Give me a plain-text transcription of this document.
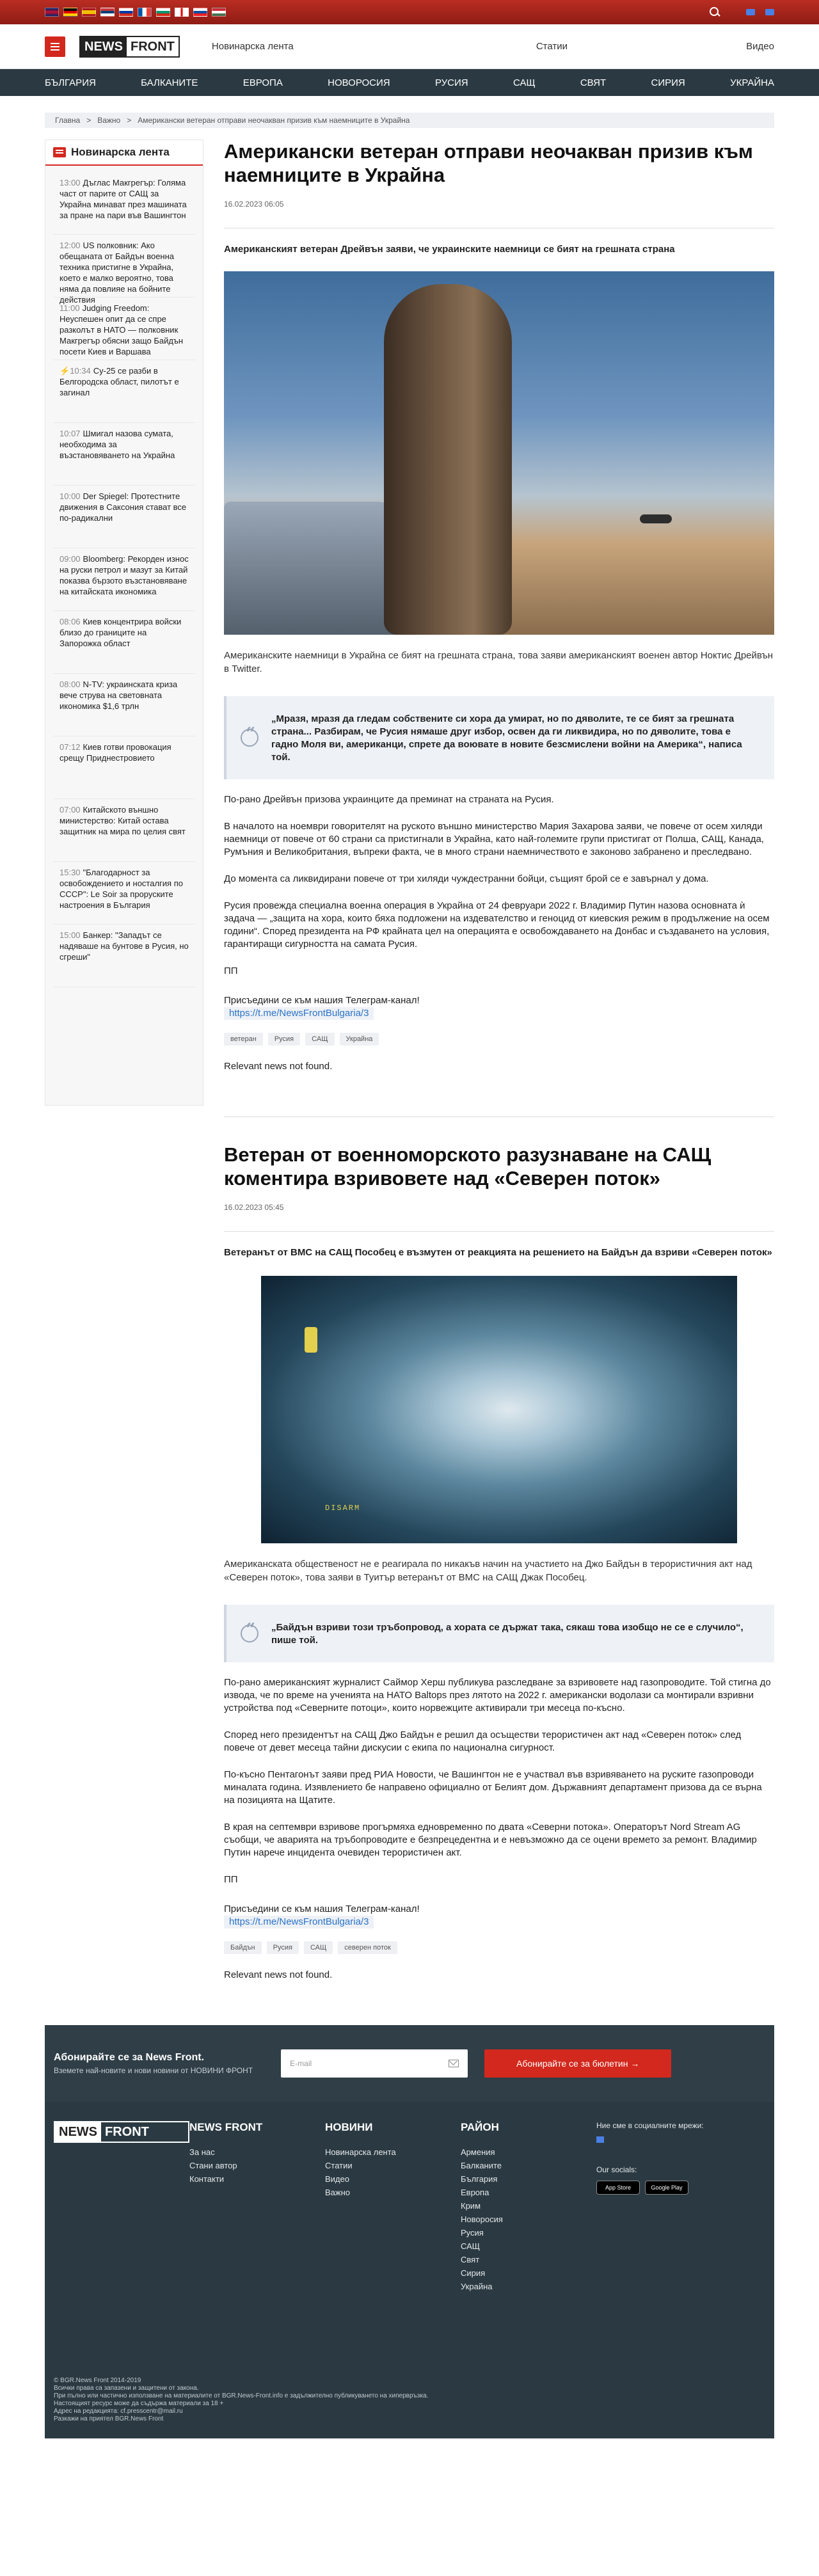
NEWS FRONT	Новинарска лента	Статии	Видео
БЪЛГАРИЯ	БАЛКАНИТЕ	ЕВРОПА	НОВОРОСИЯ	РУСИЯ	САЩ	СВЯТ	СИРИЯ	УКРАЙНА
Главна > Важно > Американски ветеран отправи неочакван призив към наемниците в Украйна
Новинарска лента
13:00 Дъглас Макгрегър: Голяма част от парите от САЩ за Украйна минават през машината за пране на пари във Вашингтон
12:00 US полковник: Ако обещаната от Байдън военна техника пристигне в Украйна, което е малко вероятно, това няма да повлияе на бойните действия
11:00 Judging Freedom: Неуспешен опит да се спре разколът в НАТО — полковник Макгрегър обясни защо Байдън посети Киев и Варшава
⚡10:34 Су-25 се разби в Белгородска област, пилотът е загинал
10:07 Шмигал назова сумата, необходима за възстановяването на Украйна
10:00 Der Spiegel: Протестните движения в Саксония стават все по-радикални
09:00 Bloomberg: Рекорден износ на руски петрол и мазут за Китай показва бързото възстановяване на китайската икономика
08:06 Киев концентрира войски близо до границите на Запорожка област
08:00 N-TV: украинската криза вече струва на световната икономика $1,6 трлн
07:12 Киев готви провокация срещу Приднестровието
07:00 Китайското външно министерство: Китай остава защитник на мира по целия свят
15:30 "Благодарност за освобождението и носталгия по СССР": Le Soir за проруските настроения в България
15:00 Банкер: "Западът се надяваше на бунтове в Русия, но сгреши"
Американски ветеран отправи неочакван призив към наемниците в Украйна
16.02.2023 06:05

Американският ветеран Дрейвън заяви, че украинските наемници се бият на грешната страна

Американските наемници в Украйна се бият на грешната страна, това заяви американският военен автор Ноктис Дрейвън в Twitter.

“
„Мразя, мразя да гледам собствените си хора да умират, но по дяволите, те се бият за грешната страна... Разбирам, че Русия нямаше друг избор, освен да ги ликвидира, но по дяволите, това е гадно Моля ви, американци, спрете да воювате в новите безсмислени войни на Америка“, написа той.

По-рано Дрейвън призова украинците да преминат на страната на Русия.

В началото на ноември говорителят на руското външно министерство Мария Захарова заяви, че повече от осем хиляди наемници от повече от 60 страни са пристигнали в Украйна, като най-големите групи пристигат от Полша, САЩ, Канада, Румъния и Великобритания, въпреки факта, че в много страни наемничеството е законово забранено и преследвано.

До момента са ликвидирани повече от три хиляди чуждестранни бойци, същият брой се е завърнал у дома.

Русия провежда специална военна операция в Украйна от 24 февруари 2022 г. Владимир Путин назова основната ѝ задача — „защита на хора, които бяха подложени на издевателство и геноцид от киевския режим в продължение на осем години“. Според президента на РФ крайната цел на операцията е освобождаването на Донбас и създаването на условия, гарантиращи сигурността на самата Русия.

ПП

Присъедини се към нашия Телеграм-канал!
https://t.me/NewsFrontBulgaria/3
ветеран	Русия	САЩ	Украйна

Relevant news not found.

Ветеран от военноморското разузнаване на САЩ коментира взривовете над «Северен поток»
16.02.2023 05:45

Ветеранът от ВМС на САЩ Пособец е възмутен от реакцията на решението на Байдън да взриви «Северен поток»

DISARM

Американската общественост не е реагирала по никакъв начин на участието на Джо Байдън в терористичния акт над «Северен поток», това заяви в Туитър ветеранът от ВМС на САЩ Джак Пособец.

“
„Байдън взриви този тръбопровод, а хората се държат така, сякаш това изобщо не се е случило“, пише той.

По-рано американският журналист Саймор Херш публикува разследване за взривовете над газопроводите. Той стигна до извода, че по време на ученията на НАТО Baltops през лятото на 2022 г. американски водолази са монтирали взривни устройства под «Северните потоци», които норвежците активирали три месеца по-късно.

Според него президентът на САЩ Джо Байдън е решил да осъществи терористичен акт над «Северен поток» след повече от девет месеца тайни дискусии с екипа по национална сигурност.

По-късно Пентагонът заяви пред РИА Новости, че Вашингтон не е участвал във взривяването на руските газопроводи миналата година. Изявлението бе направено официално от Белият дом. Държавният департамент призова да се върна на позицията на Щатите.

В края на септември взривове прогърмяха едновременно по двата «Северни потока». Операторът Nord Stream AG съобщи, че аварията на тръбопроводите е безпрецедентна и е невъзможно да се оцени времето за ремонт. Владимир Путин нарече инцидента очевиден терористичен акт.

ПП

Присъедини се към нашия Телеграм-канал!
https://t.me/NewsFrontBulgaria/3
Байдън	Русия	САЩ	северен поток

Relevant news not found.

Абонирайте се за News Front.

Вземете най-новите и нови новини от НОВИНИ ФРОНТ

E-mail	Абонирайте се за бюлетин →
NEWS FRONT	NEWS FRONT
За нас
Стани автор
Контакти
НОВИНИ
Новинарска лента
Статии
Видео
Важно
РАЙОН
Армения
Балканите
България
Европа
Крим
Новоросия
Русия
САЩ
Свят
Сирия
Украйна
Ние сме в социалните мрежи:
Our socials:
App Store	Google Play
© BGR.News Front 2014-2019
Всички права са запазени и защитени от закона.
При пълно или частично използване на материалите от BGR.News-Front.info е задължително публикуването на хипервръзка.
Настоящият ресурс може да съдържа материали за 18 +
Адрес на редакцията: cf.pressсentr@mail.ru
Разкажи на приятел BGR.News Front
